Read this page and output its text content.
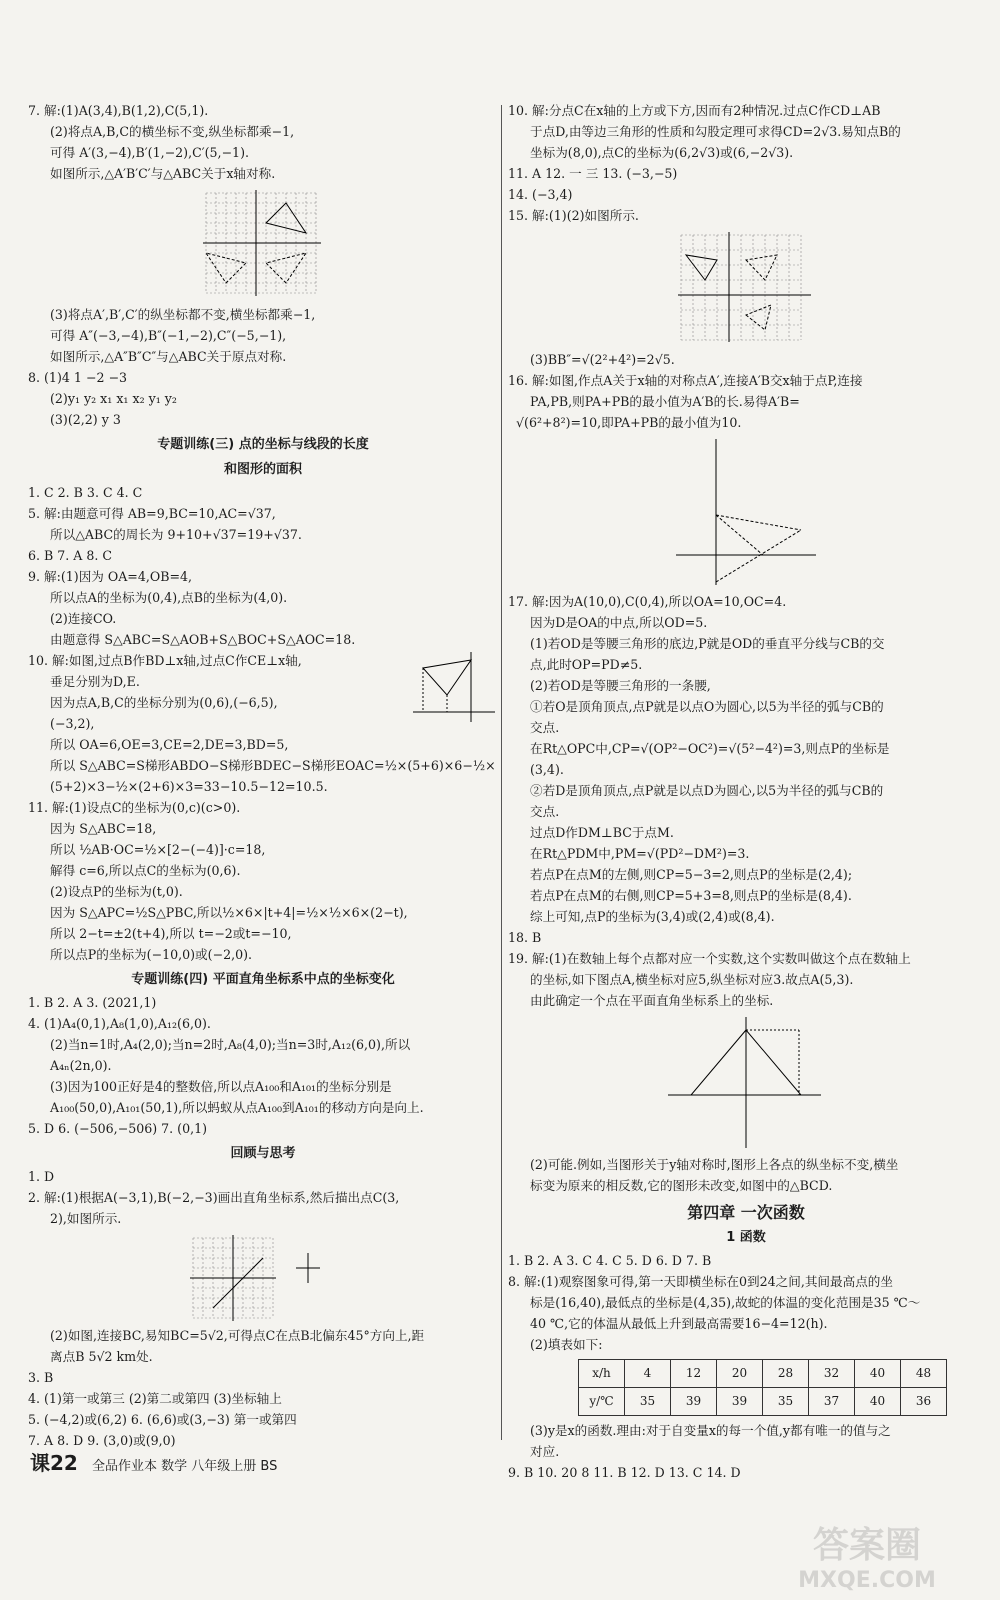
7. 解:(1)A(3,4),B(1,2),C(5,1).
(2)将点A,B,C的横坐标不变,纵坐标都乘−1,
可得 A′(3,−4),B′(1,−2),C′(5,−1).
如图所示,△A′B′C′与△ABC关于x轴对称.
(3)将点A′,B′,C′的纵坐标都不变,横坐标都乘−1,
可得 A″(−3,−4),B″(−1,−2),C″(−5,−1),
如图所示,△A″B″C″与△ABC关于原点对称.
8. (1)4 1 −2 −3
(2)y₁ y₂ x₁ x₁ x₂ y₁ y₂
(3)(2,2) y 3
专题训练(三) 点的坐标与线段的长度
和图形的面积
1. C 2. B 3. C 4. C
5. 解:由题意可得 AB=9,BC=10,AC=√37,
所以△ABC的周长为 9+10+√37=19+√37.
6. B 7. A 8. C
9. 解:(1)因为 OA=4,OB=4,
所以点A的坐标为(0,4),点B的坐标为(4,0).
(2)连接CO.
由题意得 S△ABC=S△AOB+S△BOC+S△AOC=18.
10. 解:如图,过点B作BD⊥x轴,过点C作CE⊥x轴,
垂足分别为D,E.
因为点A,B,C的坐标分别为(0,6),(−6,5),
(−3,2),
所以 OA=6,OE=3,CE=2,DE=3,BD=5,
所以 S△ABC=S梯形ABDO−S梯形BDEC−S梯形EOAC=½×(5+6)×6−½×
(5+2)×3−½×(2+6)×3=33−10.5−12=10.5.
11. 解:(1)设点C的坐标为(0,c)(c>0).
因为 S△ABC=18,
所以 ½AB·OC=½×[2−(−4)]·c=18,
解得 c=6,所以点C的坐标为(0,6).
(2)设点P的坐标为(t,0).
因为 S△APC=½S△PBC,所以½×6×|t+4|=½×½×6×(2−t),
所以 2−t=±2(t+4),所以 t=−2或t=−10,
所以点P的坐标为(−10,0)或(−2,0).
专题训练(四) 平面直角坐标系中点的坐标变化
1. B 2. A 3. (2021,1)
4. (1)A₄(0,1),A₈(1,0),A₁₂(6,0).
(2)当n=1时,A₄(2,0);当n=2时,A₈(4,0);当n=3时,A₁₂(6,0),所以
A₄ₙ(2n,0).
(3)因为100正好是4的整数倍,所以点A₁₀₀和A₁₀₁的坐标分别是
A₁₀₀(50,0),A₁₀₁(50,1),所以蚂蚁从点A₁₀₀到A₁₀₁的移动方向是向上.
5. D 6. (−506,−506) 7. (0,1)
回顾与思考
1. D
2. 解:(1)根据A(−3,1),B(−2,−3)画出直角坐标系,然后描出点C(3,
2),如图所示.
(2)如图,连接BC,易知BC=5√2,可得点C在点B北偏东45°方向上,距
离点B 5√2 km处.
3. B
4. (1)第一或第三 (2)第二或第四 (3)坐标轴上
5. (−4,2)或(6,2) 6. (6,6)或(3,−3) 第一或第四
7. A 8. D 9. (3,0)或(9,0)
10. 解:分点C在x轴的上方或下方,因而有2种情况.过点C作CD⊥AB
于点D,由等边三角形的性质和勾股定理可求得CD=2√3.易知点B的
坐标为(8,0),点C的坐标为(6,2√3)或(6,−2√3).
11. A 12. 一 三 13. (−3,−5)
14. (−3,4)
15. 解:(1)(2)如图所示.
(3)BB″=√(2²+4²)=2√5.
16. 解:如图,作点A关于x轴的对称点A′,连接A′B交x轴于点P,连接
PA,PB,则PA+PB的最小值为A′B的长.易得A′B=
√(6²+8²)=10,即PA+PB的最小值为10.
17. 解:因为A(10,0),C(0,4),所以OA=10,OC=4.
因为D是OA的中点,所以OD=5.
(1)若OD是等腰三角形的底边,P就是OD的垂直平分线与CB的交
点,此时OP=PD≠5.
(2)若OD是等腰三角形的一条腰,
①若O是顶角顶点,点P就是以点O为圆心,以5为半径的弧与CB的
交点.
在Rt△OPC中,CP=√(OP²−OC²)=√(5²−4²)=3,则点P的坐标是
(3,4).
②若D是顶角顶点,点P就是以点D为圆心,以5为半径的弧与CB的
交点.
过点D作DM⊥BC于点M.
在Rt△PDM中,PM=√(PD²−DM²)=3.
若点P在点M的左侧,则CP=5−3=2,则点P的坐标是(2,4);
若点P在点M的右侧,则CP=5+3=8,则点P的坐标是(8,4).
综上可知,点P的坐标为(3,4)或(2,4)或(8,4).
18. B
19. 解:(1)在数轴上每个点都对应一个实数,这个实数叫做这个点在数轴上
的坐标,如下图点A,横坐标对应5,纵坐标对应3.故点A(5,3).
由此确定一个点在平面直角坐标系上的坐标.
(2)可能.例如,当图形关于y轴对称时,图形上各点的纵坐标不变,横坐
标变为原来的相反数,它的图形未改变,如图中的△BCD.
第四章 一次函数
1 函数
1. B 2. A 3. C 4. C 5. D 6. D 7. B
8. 解:(1)观察图象可得,第一天即横坐标在0到24之间,其间最高点的坐
标是(16,40),最低点的坐标是(4,35),故蛇的体温的变化范围是35 ℃～
40 ℃,它的体温从最低上升到最高需要16−4=12(h).
(2)填表如下:
x/h	4	12	20	28	32	40	48
y/℃	35	39	39	35	37	40	36
(3)y是x的函数.理由:对于自变量x的每一个值,y都有唯一的值与之
对应.
9. B 10. 20 8 11. B 12. D 13. C 14. D
课22 全品作业本 数学 八年级上册 BS
答案圈
MXQE.COM
